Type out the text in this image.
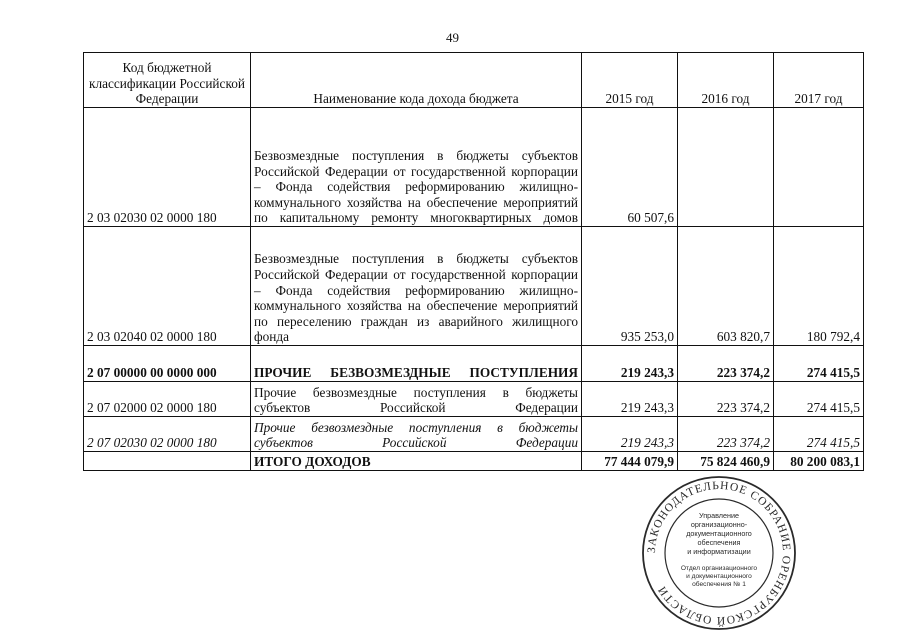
49
Код бюджетной классификации Российской Федерации	Наименование кода дохода бюджета	2015 год	2016 год	2017 год
2 03 02030 02 0000 180	Безвозмездные поступления в бюджеты субъектов Российской Федерации от государственной корпорации – Фонда содействия реформированию жилищно-коммунального хозяйства на обеспечение мероприятий по капитальному ремонту многоквартирных домов	60 507,6		
2 03 02040 02 0000 180	Безвозмездные поступления в бюджеты субъектов Российской Федерации от государственной корпорации – Фонда содействия реформированию жилищно-коммунального хозяйства на обеспечение мероприятий по переселению граждан из аварийного жилищного фонда	935 253,0	603 820,7	180 792,4
2 07 00000 00 0000 000	ПРОЧИЕ БЕЗВОЗМЕЗДНЫЕ ПОСТУПЛЕНИЯ	219 243,3	223 374,2	274 415,5
2 07 02000 02 0000 180	Прочие безвозмездные поступления в бюджеты субъектов Российской Федерации	219 243,3	223 374,2	274 415,5
2 07 02030 02 0000 180	Прочие безвозмездные поступления в бюджеты субъектов Российской Федерации	219 243,3	223 374,2	274 415,5
	ИТОГО ДОХОДОВ	77 444 079,9	75 824 460,9	80 200 083,1
ЗАКОНОДАТЕЛЬНОЕ СОБРАНИЕ ОРЕНБУРГСКОЙ ОБЛАСТИ
Управление
организационно-
документационного
обеспечения
и информатизации
Отдел организационного
и документационного
обеспечения № 1
